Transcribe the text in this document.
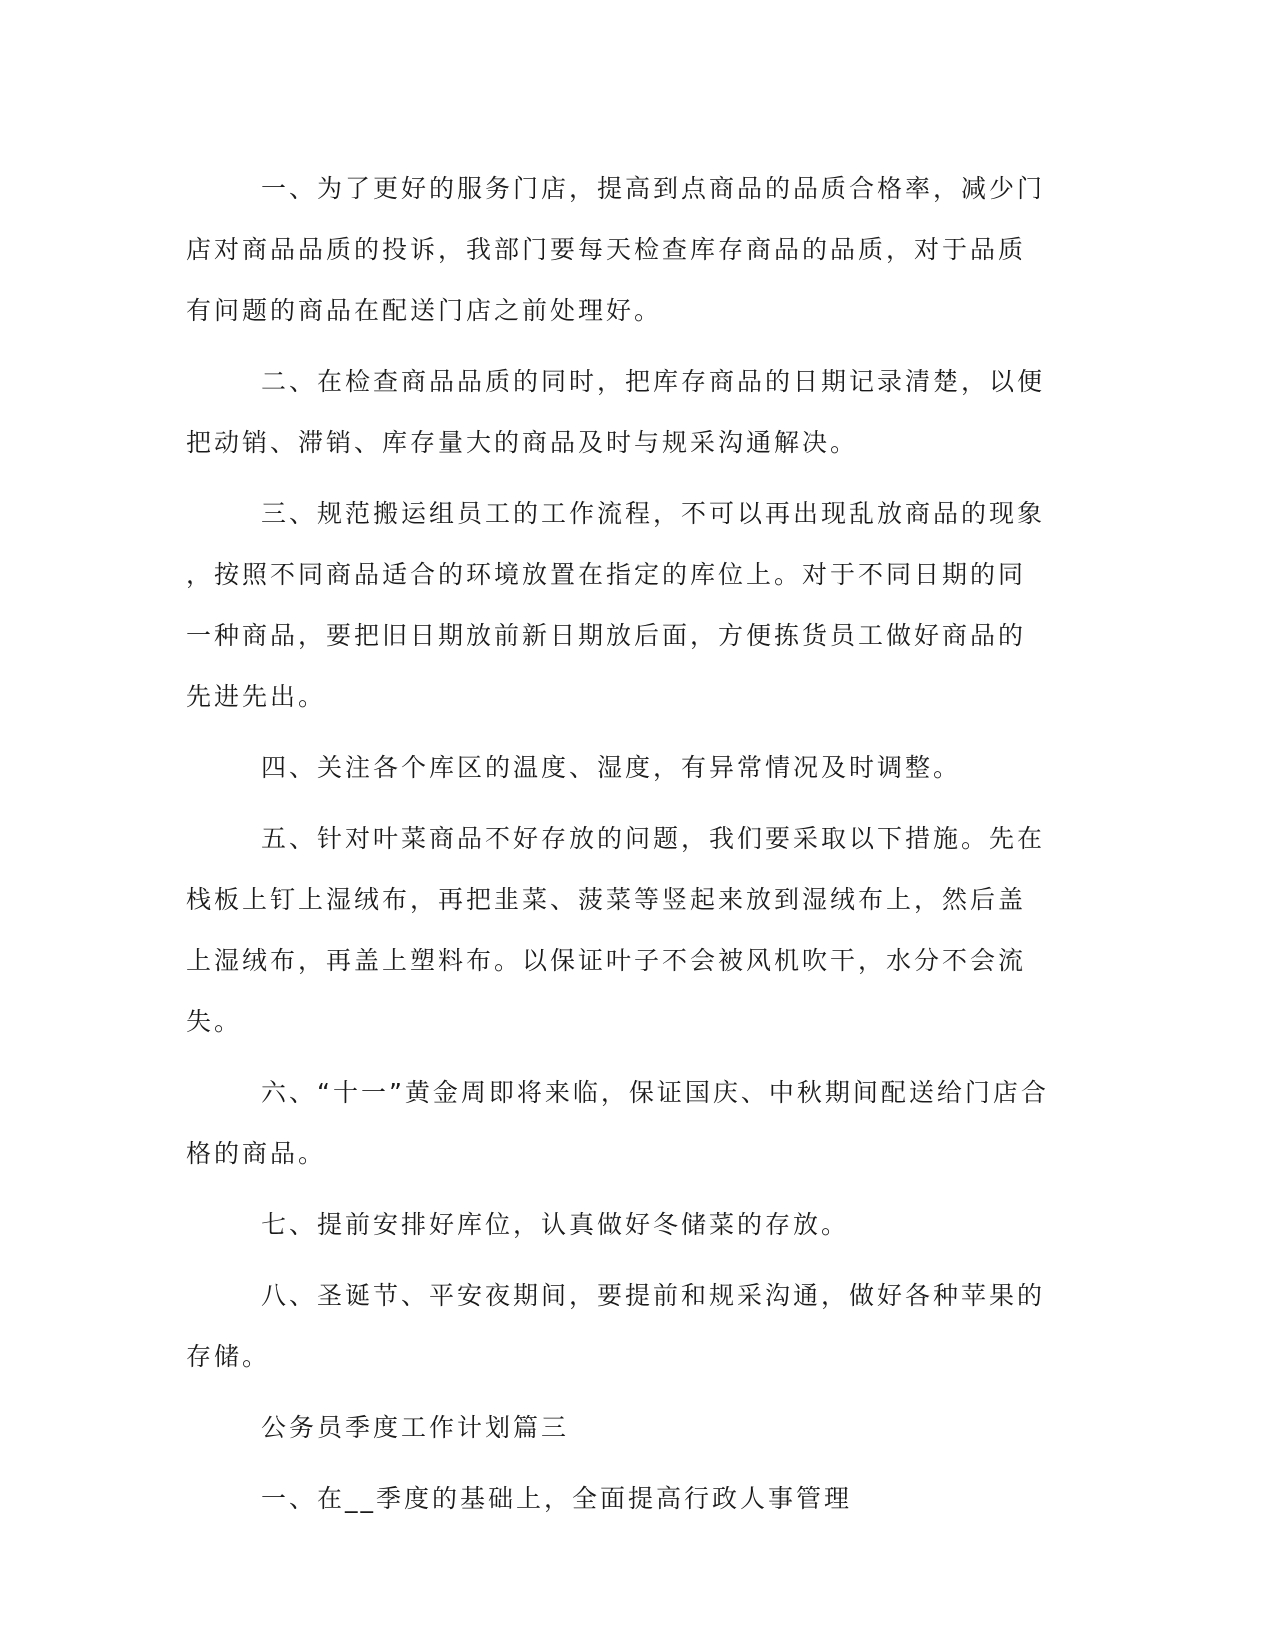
一、为了更好的服务门店，提高到点商品的品质合格率，减少门
店对商品品质的投诉，我部门要每天检查库存商品的品质，对于品质
有问题的商品在配送门店之前处理好。

二、在检查商品品质的同时，把库存商品的日期记录清楚，以便
把动销、滞销、库存量大的商品及时与规采沟通解决。

三、规范搬运组员工的工作流程，不可以再出现乱放商品的现象
，按照不同商品适合的环境放置在指定的库位上。对于不同日期的同
一种商品，要把旧日期放前新日期放后面，方便拣货员工做好商品的
先进先出。

四、关注各个库区的温度、湿度，有异常情况及时调整。

五、针对叶菜商品不好存放的问题，我们要采取以下措施。先在
栈板上钉上湿绒布，再把韭菜、菠菜等竖起来放到湿绒布上，然后盖
上湿绒布，再盖上塑料布。以保证叶子不会被风机吹干，水分不会流
失。

六、“十一”黄金周即将来临，保证国庆、中秋期间配送给门店合
格的商品。

七、提前安排好库位，认真做好冬储菜的存放。

八、圣诞节、平安夜期间，要提前和规采沟通，做好各种苹果的
存储。

公务员季度工作计划篇三

一、在__季度的基础上，全面提高行政人事管理
